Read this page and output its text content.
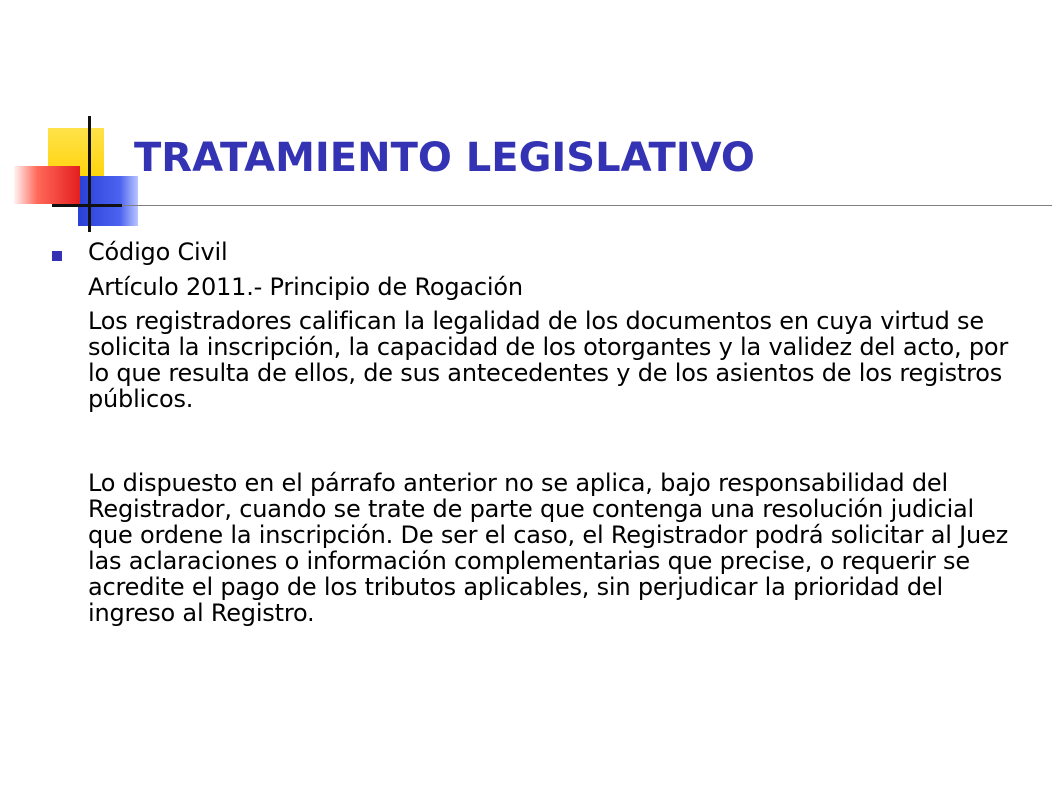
TRATAMIENTO LEGISLATIVO

Código Civil

Artículo 2011.- Principio de Rogación

Los registradores califican la legalidad de los documentos en cuya virtud se solicita la inscripción, la capacidad de los otorgantes y la validez del acto, por lo que resulta de ellos, de sus antecedentes y de los asientos de los registros públicos.

Lo dispuesto en el párrafo anterior no se aplica, bajo responsabilidad del Registrador, cuando se trate de parte que contenga una resolución judicial que ordene la inscripción. De ser el caso, el Registrador podrá solicitar al Juez las aclaraciones o información complementarias que precise, o requerir se acredite el pago de los tributos aplicables, sin perjudicar la prioridad del ingreso al Registro.
